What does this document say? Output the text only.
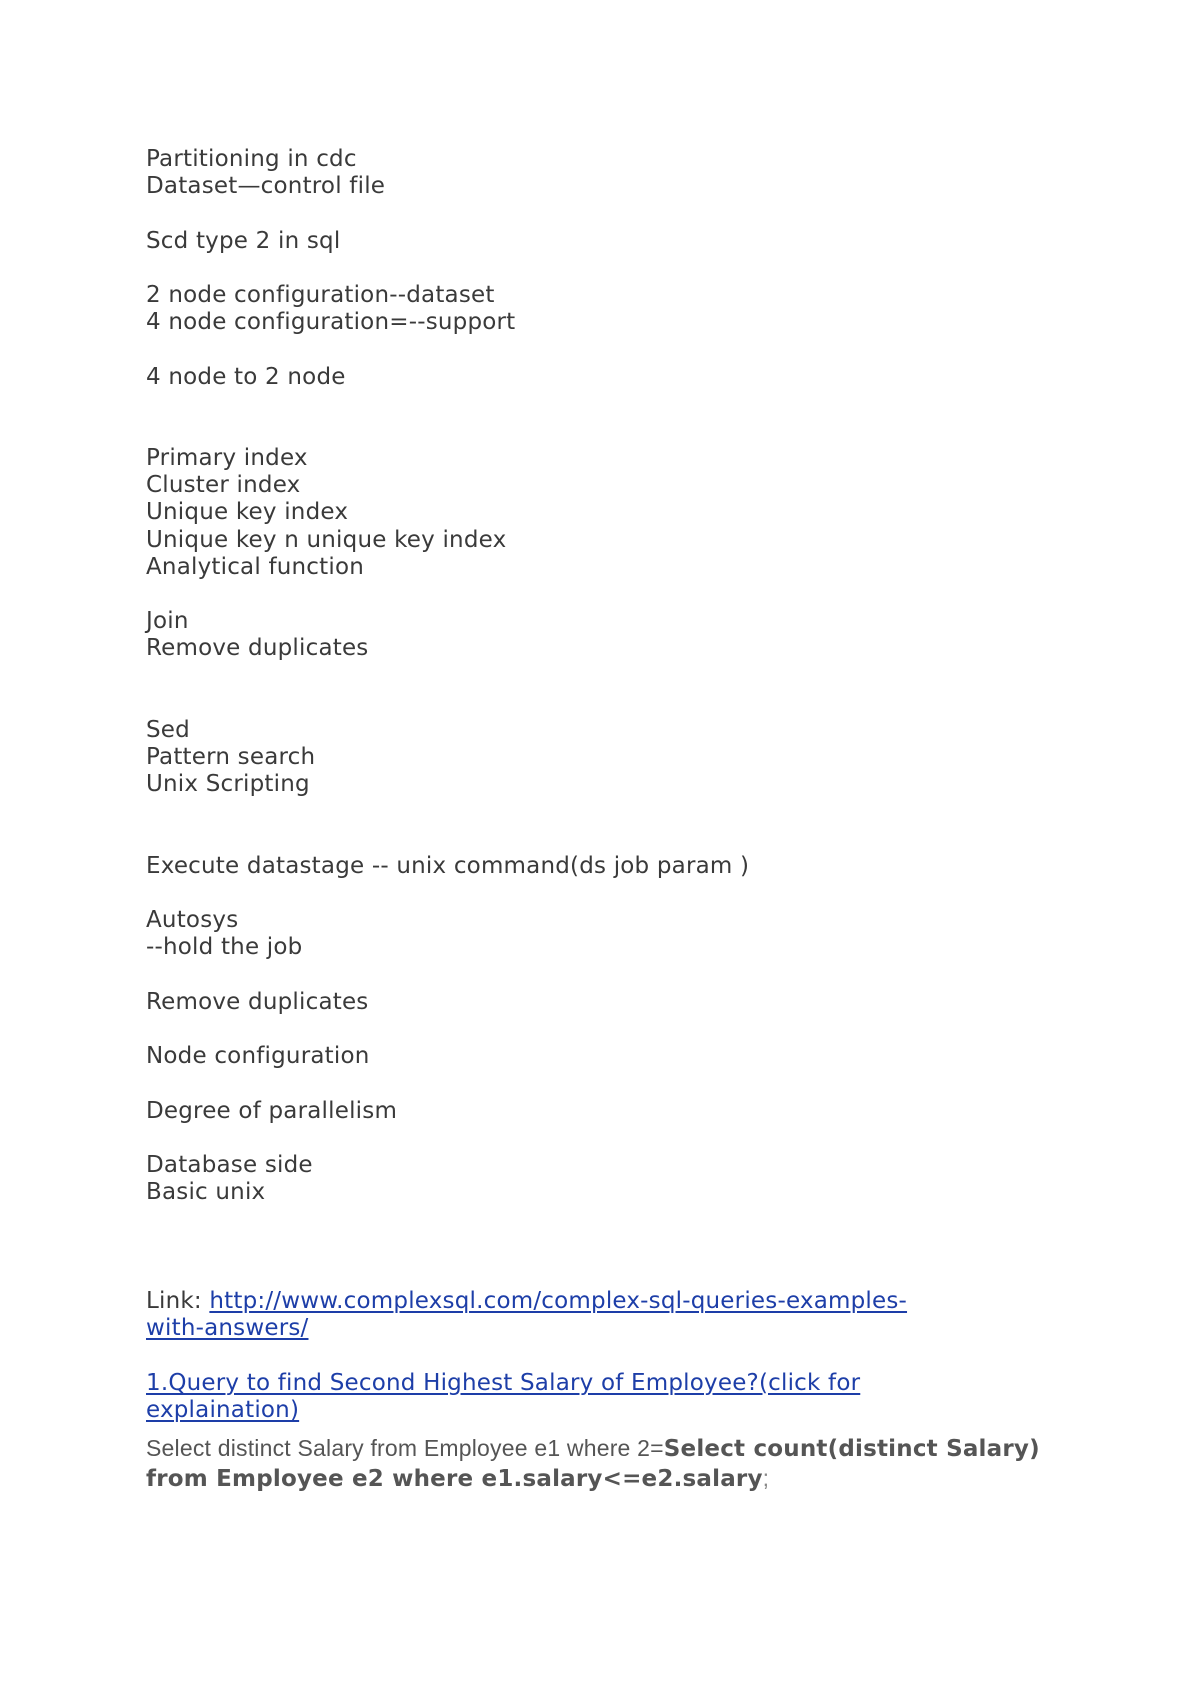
Partitioning in cdc
Dataset—control file
Scd type 2 in sql
2 node configuration--dataset
4 node configuration=--support
4 node to 2 node
Primary index
Cluster index
Unique key index
Unique key n unique key index
Analytical function
Join
Remove duplicates
Sed
Pattern search
Unix Scripting
Execute datastage -- unix command(ds job param )
Autosys
--hold the job
Remove duplicates
Node configuration
Degree of parallelism
Database side
Basic unix
Link: http://www.complexsql.com/complex-sql-queries-examples-
with-answers/
1.Query to find Second Highest Salary of Employee?(click for
explaination)
Select distinct Salary from Employee e1 where 2=Select count(distinct Salary) from Employee e2 where e1.salary<=e2.salary;
